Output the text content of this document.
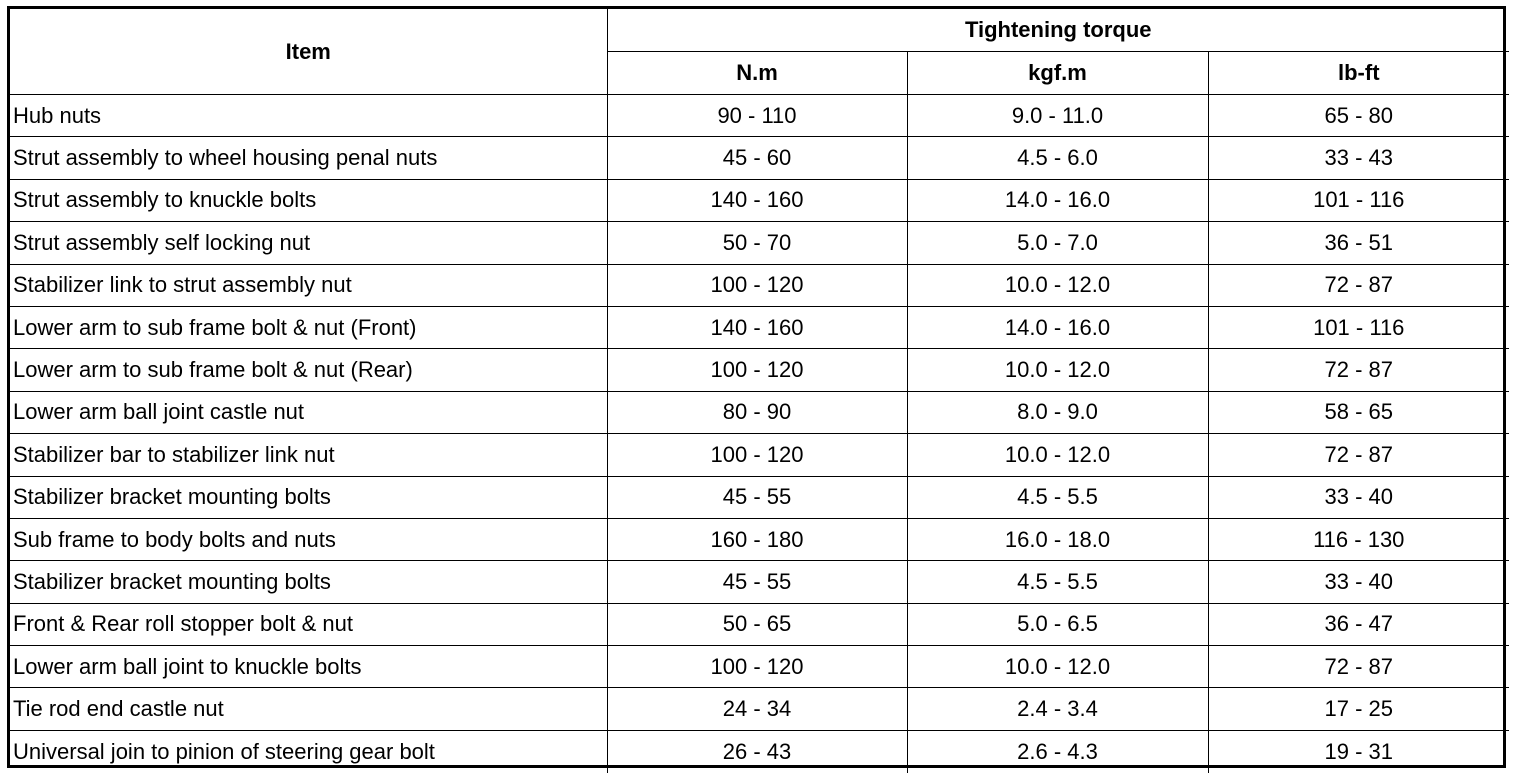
Item	Tightening torque		
	N.m	kgf.m	lb-ft
Hub nuts	90 - 110	9.0 - 11.0	65 - 80
Strut assembly to wheel housing penal nuts	45 - 60	4.5 - 6.0	33 - 43
Strut assembly to knuckle bolts	140 - 160	14.0 - 16.0	101 - 116
Strut assembly self locking nut	50 - 70	5.0 - 7.0	36 - 51
Stabilizer link to strut assembly nut	100 - 120	10.0 - 12.0	72 - 87
Lower arm to sub frame bolt & nut (Front)	140 - 160	14.0 - 16.0	101 - 116
Lower arm to sub frame bolt & nut (Rear)	100 - 120	10.0 - 12.0	72 - 87
Lower arm ball joint castle nut	80 - 90	8.0 - 9.0	58 - 65
Stabilizer bar to stabilizer link nut	100 - 120	10.0 - 12.0	72 - 87
Stabilizer bracket mounting bolts	45 - 55	4.5 - 5.5	33 - 40
Sub frame to body bolts and nuts	160 - 180	16.0 - 18.0	116 - 130
Stabilizer bracket mounting bolts	45 - 55	4.5 - 5.5	33 - 40
Front & Rear roll stopper bolt & nut	50 - 65	5.0 - 6.5	36 - 47
Lower arm ball joint to knuckle bolts	100 - 120	10.0 - 12.0	72 - 87
Tie rod end castle nut	24 - 34	2.4 - 3.4	17 - 25
Universal join to pinion of steering gear bolt	26 - 43	2.6 - 4.3	19 - 31
